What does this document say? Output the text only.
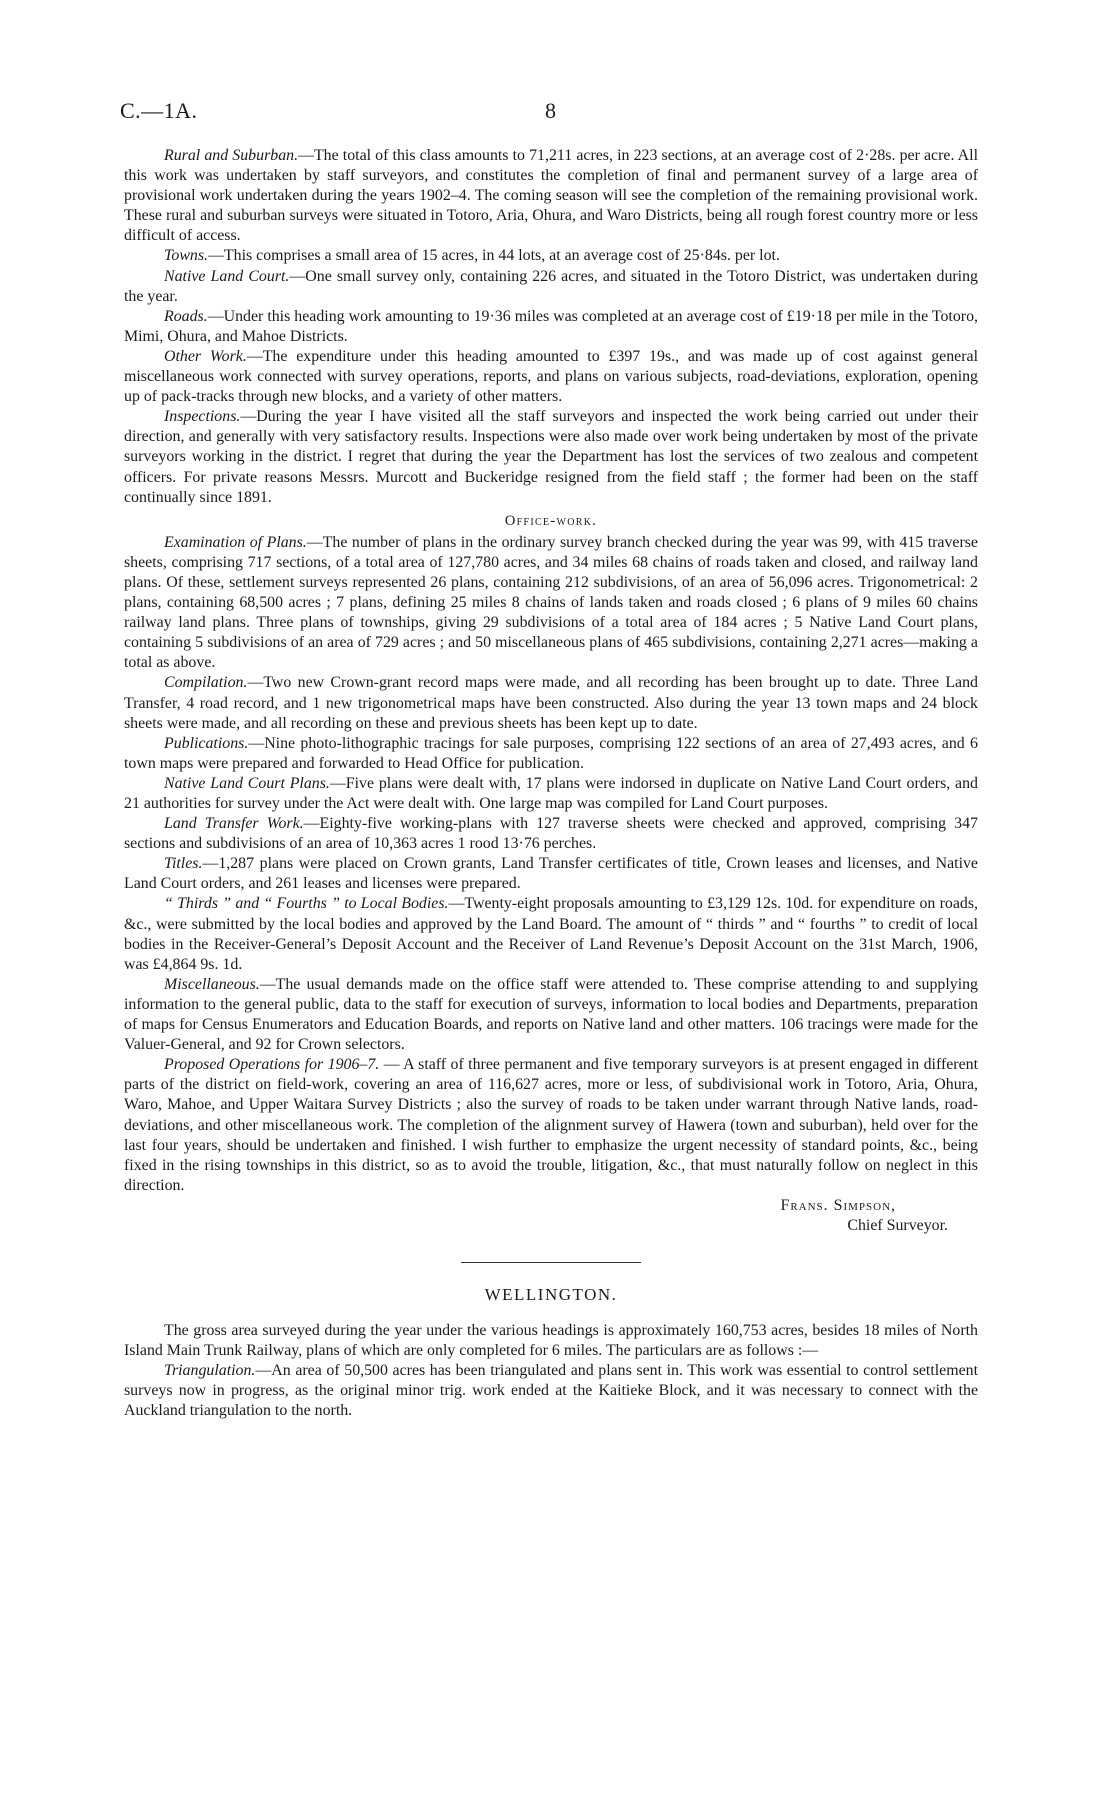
C.—1A.	8

Rural and Suburban.—The total of this class amounts to 71,211 acres, in 223 sections, at an average cost of 2·28s. per acre. All this work was undertaken by staff surveyors, and constitutes the completion of final and permanent survey of a large area of provisional work undertaken during the years 1902–4. The coming season will see the completion of the remaining provisional work. These rural and suburban surveys were situated in Totoro, Aria, Ohura, and Waro Districts, being all rough forest country more or less difficult of access.

Towns.—This comprises a small area of 15 acres, in 44 lots, at an average cost of 25·84s. per lot.

Native Land Court.—One small survey only, containing 226 acres, and situated in the Totoro District, was undertaken during the year.

Roads.—Under this heading work amounting to 19·36 miles was completed at an average cost of £19·18 per mile in the Totoro, Mimi, Ohura, and Mahoe Districts.

Other Work.—The expenditure under this heading amounted to £397 19s., and was made up of cost against general miscellaneous work connected with survey operations, reports, and plans on various subjects, road-deviations, exploration, opening up of pack-tracks through new blocks, and a variety of other matters.

Inspections.—During the year I have visited all the staff surveyors and inspected the work being carried out under their direction, and generally with very satisfactory results. Inspections were also made over work being undertaken by most of the private surveyors working in the district. I regret that during the year the Department has lost the services of two zealous and competent officers. For private reasons Messrs. Murcott and Buckeridge resigned from the field staff ; the former had been on the staff continually since 1891.

Office-work.

Examination of Plans.—The number of plans in the ordinary survey branch checked during the year was 99, with 415 traverse sheets, comprising 717 sections, of a total area of 127,780 acres, and 34 miles 68 chains of roads taken and closed, and railway land plans. Of these, settlement surveys represented 26 plans, containing 212 subdivisions, of an area of 56,096 acres. Trigonometrical: 2 plans, containing 68,500 acres ; 7 plans, defining 25 miles 8 chains of lands taken and roads closed ; 6 plans of 9 miles 60 chains railway land plans. Three plans of townships, giving 29 subdivisions of a total area of 184 acres ; 5 Native Land Court plans, containing 5 subdivisions of an area of 729 acres ; and 50 miscellaneous plans of 465 subdivisions, containing 2,271 acres—making a total as above.

Compilation.—Two new Crown-grant record maps were made, and all recording has been brought up to date. Three Land Transfer, 4 road record, and 1 new trigonometrical maps have been constructed. Also during the year 13 town maps and 24 block sheets were made, and all recording on these and previous sheets has been kept up to date.

Publications.—Nine photo-lithographic tracings for sale purposes, comprising 122 sections of an area of 27,493 acres, and 6 town maps were prepared and forwarded to Head Office for publication.

Native Land Court Plans.—Five plans were dealt with, 17 plans were indorsed in duplicate on Native Land Court orders, and 21 authorities for survey under the Act were dealt with. One large map was compiled for Land Court purposes.

Land Transfer Work.—Eighty-five working-plans with 127 traverse sheets were checked and approved, comprising 347 sections and subdivisions of an area of 10,363 acres 1 rood 13·76 perches.

Titles.—1,287 plans were placed on Crown grants, Land Transfer certificates of title, Crown leases and licenses, and Native Land Court orders, and 261 leases and licenses were prepared.

“ Thirds ” and “ Fourths ” to Local Bodies.—Twenty-eight proposals amounting to £3,129 12s. 10d. for expenditure on roads, &c., were submitted by the local bodies and approved by the Land Board. The amount of “ thirds ” and “ fourths ” to credit of local bodies in the Receiver-General’s Deposit Account and the Receiver of Land Revenue’s Deposit Account on the 31st March, 1906, was £4,864 9s. 1d.

Miscellaneous.—The usual demands made on the office staff were attended to. These comprise attending to and supplying information to the general public, data to the staff for execution of surveys, information to local bodies and Departments, preparation of maps for Census Enumerators and Education Boards, and reports on Native land and other matters. 106 tracings were made for the Valuer-General, and 92 for Crown selectors.

Proposed Operations for 1906–7. — A staff of three permanent and five temporary surveyors is at present engaged in different parts of the district on field-work, covering an area of 116,627 acres, more or less, of subdivisional work in Totoro, Aria, Ohura, Waro, Mahoe, and Upper Waitara Survey Districts ; also the survey of roads to be taken under warrant through Native lands, road-deviations, and other miscellaneous work. The completion of the alignment survey of Hawera (town and suburban), held over for the last four years, should be undertaken and finished. I wish further to emphasize the urgent necessity of standard points, &c., being fixed in the rising townships in this district, so as to avoid the trouble, litigation, &c., that must naturally follow on neglect in this direction.

Frans. Simpson,
Chief Surveyor.
WELLINGTON.

The gross area surveyed during the year under the various headings is approximately 160,753 acres, besides 18 miles of North Island Main Trunk Railway, plans of which are only completed for 6 miles. The particulars are as follows :—

Triangulation.—An area of 50,500 acres has been triangulated and plans sent in. This work was essential to control settlement surveys now in progress, as the original minor trig. work ended at the Kaitieke Block, and it was necessary to connect with the Auckland triangulation to the north.
